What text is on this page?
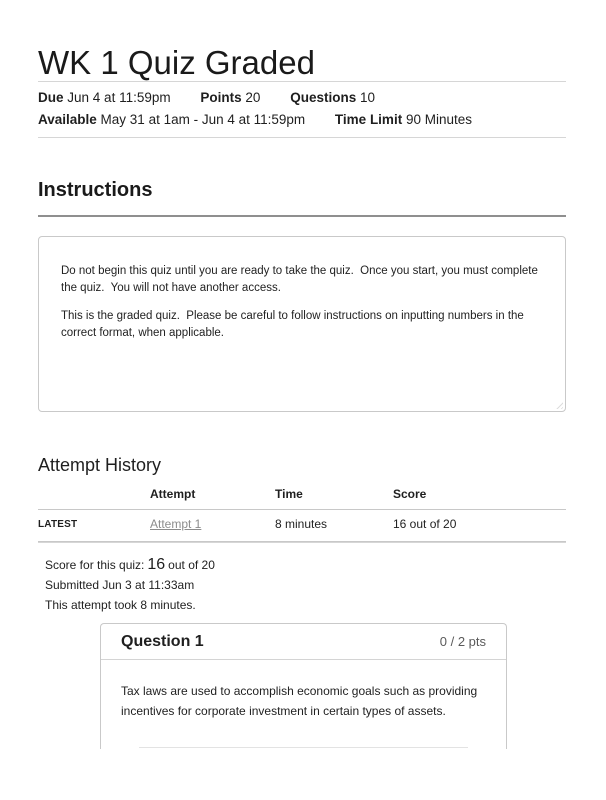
WK 1 Quiz Graded
Due Jun 4 at 11:59pm Points 20 Questions 10
Available May 31 at 1am - Jun 4 at 11:59pm Time Limit 90 Minutes
Instructions

Do not begin this quiz until you are ready to take the quiz.  Once you start, you must complete the quiz.  You will not have another access.

This is the graded quiz.  Please be careful to follow instructions on inputting numbers in the correct format, when applicable.

Attempt History
	Attempt	Time	Score
LATEST	Attempt 1	8 minutes	16 out of 20
Score for this quiz: 16 out of 20
Submitted Jun 3 at 11:33am
This attempt took 8 minutes.
Question 1	0 / 2 pts
Tax laws are used to accomplish economic goals such as providing incentives for corporate investment in certain types of assets.
